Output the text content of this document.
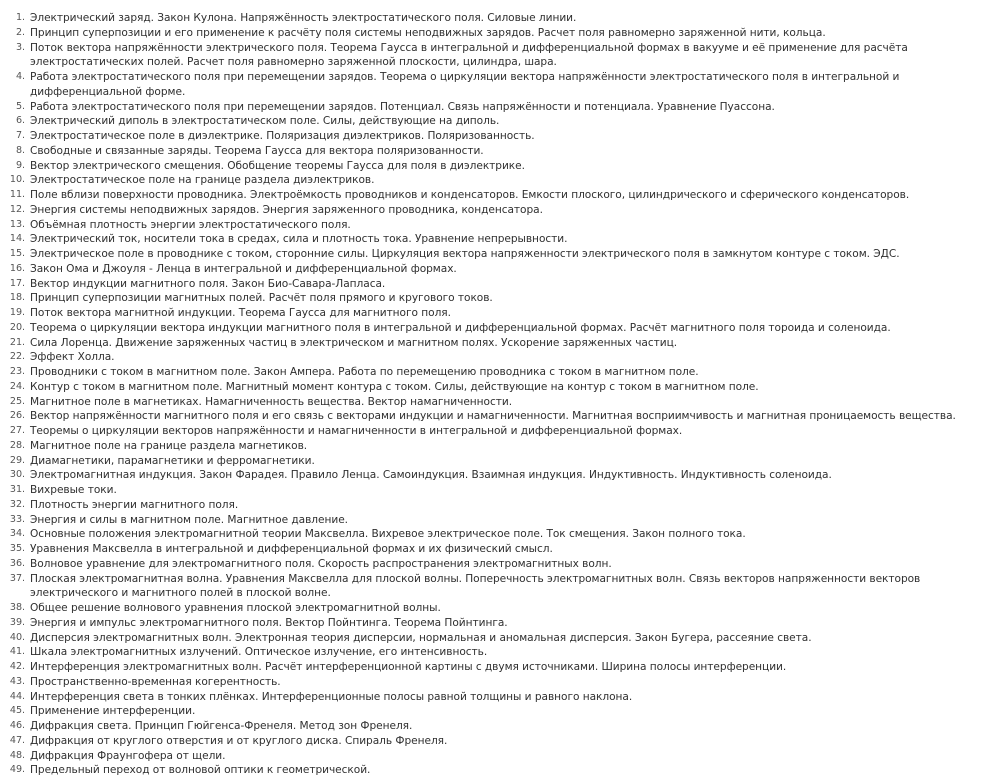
1. Электрический заряд. Закон Кулона. Напряжённость электростатического поля. Силовые линии.
2. Принцип суперпозиции и его применение к расчёту поля системы неподвижных зарядов. Расчет поля равномерно заряженной нити, кольца.
3. Поток вектора напряжённости электрического поля. Теорема Гаусса в интегральной и дифференциальной формах в вакууме и её применение для расчёта электростатических полей. Расчет поля равномерно заряженной плоскости, цилиндра, шара.
4. Работа электростатического поля при перемещении зарядов. Теорема о циркуляции вектора напряжённости электростатического поля в интегральной и дифференциальной форме.
5. Работа электростатического поля при перемещении зарядов. Потенциал. Связь напряжённости и потенциала. Уравнение Пуассона.
6. Электрический диполь в электростатическом поле. Силы, действующие на диполь.
7. Электростатическое поле в диэлектрике. Поляризация диэлектриков. Поляризованность.
8. Свободные и связанные заряды. Теорема Гаусса для вектора поляризованности.
9. Вектор электрического смещения. Обобщение теоремы Гаусса для поля в диэлектрике.
10. Электростатическое поле на границе раздела диэлектриков.
11. Поле вблизи поверхности проводника. Электроёмкость проводников и конденсаторов. Емкости плоского, цилиндрического и сферического конденсаторов.
12. Энергия системы неподвижных зарядов. Энергия заряженного проводника, конденсатора.
13. Объёмная плотность энергии электростатического поля.
14. Электрический ток, носители тока в средах, сила и плотность тока. Уравнение непрерывности.
15. Электрическое поле в проводнике с током, сторонние силы. Циркуляция вектора напряженности электрического поля в замкнутом контуре с током. ЭДС.
16. Закон Ома и Джоуля - Ленца в интегральной и дифференциальной формах.
17. Вектор индукции магнитного поля. Закон Био-Савара-Лапласа.
18. Принцип суперпозиции магнитных полей. Расчёт поля прямого и кругового токов.
19. Поток вектора магнитной индукции. Теорема Гаусса для магнитного поля.
20. Теорема о циркуляции вектора индукции магнитного поля в интегральной и дифференциальной формах. Расчёт магнитного поля тороида и соленоида.
21. Сила Лоренца. Движение заряженных частиц в электрическом и магнитном полях. Ускорение заряженных частиц.
22. Эффект Холла.
23. Проводники с током в магнитном поле. Закон Ампера. Работа по перемещению проводника с током в магнитном поле.
24. Контур с током в магнитном поле. Магнитный момент контура с током. Силы, действующие на контур с током в магнитном поле.
25. Магнитное поле в магнетиках. Намагниченность вещества. Вектор намагниченности.
26. Вектор напряжённости магнитного поля и его связь с векторами индукции и намагниченности. Магнитная восприимчивость и магнитная проницаемость вещества.
27. Теоремы о циркуляции векторов напряжённости и намагниченности в интегральной и дифференциальной формах.
28. Магнитное поле на границе раздела магнетиков.
29. Диамагнетики, парамагнетики и ферромагнетики.
30. Электромагнитная индукция. Закон Фарадея. Правило Ленца. Самоиндукция. Взаимная индукция. Индуктивность. Индуктивность соленоида.
31. Вихревые токи.
32. Плотность энергии магнитного поля.
33. Энергия и силы в магнитном поле. Магнитное давление.
34. Основные положения электромагнитной теории Максвелла. Вихревое электрическое поле. Ток смещения. Закон полного тока.
35. Уравнения Максвелла в интегральной и дифференциальной формах и их физический смысл.
36. Волновое уравнение для электромагнитного поля. Скорость распространения электромагнитных волн.
37. Плоская электромагнитная волна. Уравнения Максвелла для плоской волны. Поперечность электромагнитных волн. Связь векторов напряженности векторов электрического и магнитного полей в плоской волне.
38. Общее решение волнового уравнения плоской электромагнитной волны.
39. Энергия и импульс электромагнитного поля. Вектор Пойнтинга. Теорема Пойнтинга.
40. Дисперсия электромагнитных волн. Электронная теория дисперсии, нормальная и аномальная дисперсия. Закон Бугера, рассеяние света.
41. Шкала электромагнитных излучений. Оптическое излучение, его интенсивность.
42. Интерференция электромагнитных волн. Расчёт интерференционной картины с двумя источниками. Ширина полосы интерференции.
43. Пространственно-временная когерентность.
44. Интерференция света в тонких плёнках. Интерференционные полосы равной толщины и равного наклона.
45. Применение интерференции.
46. Дифракция света. Принцип Гюйгенса-Френеля. Метод зон Френеля.
47. Дифракция от круглого отверстия и от круглого диска. Спираль Френеля.
48. Дифракция Фраунгофера от щели.
49. Предельный переход от волновой оптики к геометрической.
